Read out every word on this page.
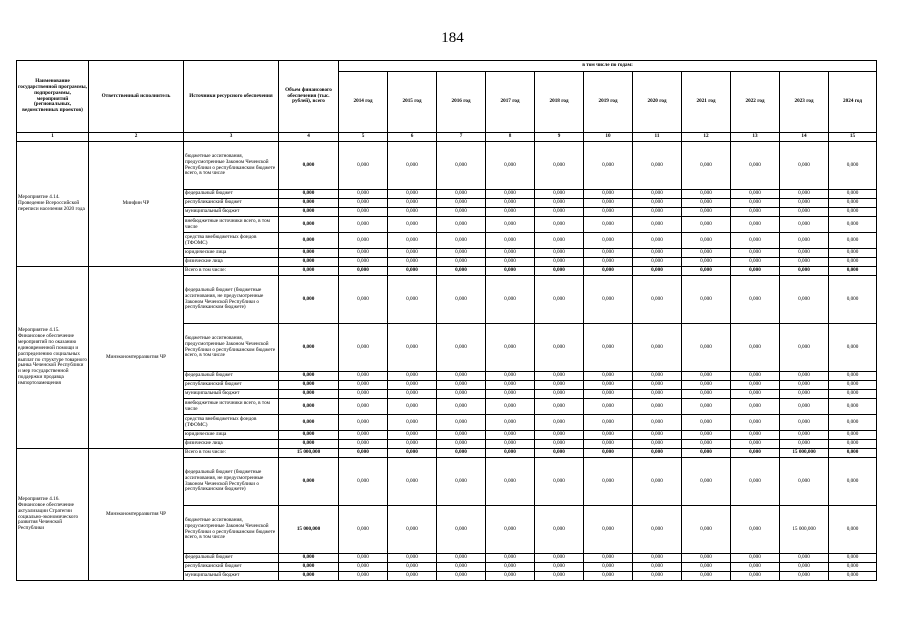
184
Наименование государственной программы, подпрограммы, мероприятий (региональных, ведомственных проектов)	Ответственный исполнитель	Источники ресурсного обеспечения	Объем финансового обеспечения (тыс. рублей), всего	в том числе по годам:										
				2014 год	2015 год	2016 год	2017 год	2018 год	2019 год	2020 год	2021 год	2022 год	2023 год	2024 год
1	2	3	4	5	6	7	8	9	10	11	12	13	14	15
Мероприятие 4.14. Проведение Всероссийской переписи населения 2020 года	Минфин ЧР	бюджетные ассигнования, предусмотренные Законом Чеченской Республики о республиканском бюджете всего, в том числе	0,000	0,000	0,000	0,000	0,000	0,000	0,000	0,000	0,000	0,000	0,000	0,000
		федеральный бюджет	0,000	0,000	0,000	0,000	0,000	0,000	0,000	0,000	0,000	0,000	0,000	0,000
		республиканский бюджет	0,000	0,000	0,000	0,000	0,000	0,000	0,000	0,000	0,000	0,000	0,000	0,000
		муниципальный бюджет	0,000	0,000	0,000	0,000	0,000	0,000	0,000	0,000	0,000	0,000	0,000	0,000
		внебюджетные источники всего, в том числе	0,000	0,000	0,000	0,000	0,000	0,000	0,000	0,000	0,000	0,000	0,000	0,000
		средства внебюджетных фондов (ТФОМС)	0,000	0,000	0,000	0,000	0,000	0,000	0,000	0,000	0,000	0,000	0,000	0,000
		юридические лица	0,000	0,000	0,000	0,000	0,000	0,000	0,000	0,000	0,000	0,000	0,000	0,000
		физические лица	0,000	0,000	0,000	0,000	0,000	0,000	0,000	0,000	0,000	0,000	0,000	0,000
Мероприятие 4.15. Финансовое обеспечение мероприятий по оказанию единовременной помощи и распределению социальных выплат по структуре товарного рынка Чеченской Республики и мер государственной поддержки продавца импортозамещения	Минэкономтерразвития ЧР	Всего в том числе:	0,000	0,000	0,000	0,000	0,000	0,000	0,000	0,000	0,000	0,000	0,000	0,000
		федеральный бюджет (бюджетные ассигнования, не предусмотренные Законом Чеченской Республики о республиканском бюджете)	0,000	0,000	0,000	0,000	0,000	0,000	0,000	0,000	0,000	0,000	0,000	0,000
		бюджетные ассигнования, предусмотренные Законом Чеченской Республики о республиканском бюджете всего, в том числе	0,000	0,000	0,000	0,000	0,000	0,000	0,000	0,000	0,000	0,000	0,000	0,000
		федеральный бюджет	0,000	0,000	0,000	0,000	0,000	0,000	0,000	0,000	0,000	0,000	0,000	0,000
		республиканский бюджет	0,000	0,000	0,000	0,000	0,000	0,000	0,000	0,000	0,000	0,000	0,000	0,000
		муниципальный бюджет	0,000	0,000	0,000	0,000	0,000	0,000	0,000	0,000	0,000	0,000	0,000	0,000
		внебюджетные источники всего, в том числе	0,000	0,000	0,000	0,000	0,000	0,000	0,000	0,000	0,000	0,000	0,000	0,000
		средства внебюджетных фондов (ТФОМС)	0,000	0,000	0,000	0,000	0,000	0,000	0,000	0,000	0,000	0,000	0,000	0,000
		юридические лица	0,000	0,000	0,000	0,000	0,000	0,000	0,000	0,000	0,000	0,000	0,000	0,000
		физические лица	0,000	0,000	0,000	0,000	0,000	0,000	0,000	0,000	0,000	0,000	0,000	0,000
Мероприятие 4.16. Финансовое обеспечение актуализации Стратегии социально-экономического развития Чеченской Республики	Минэкономтерразвития ЧР	Всего в том числе:	15 000,000	0,000	0,000	0,000	0,000	0,000	0,000	0,000	0,000	0,000	15 000,000	0,000
		федеральный бюджет (бюджетные ассигнования, не предусмотренные Законом Чеченской Республики о республиканском бюджете)	0,000	0,000	0,000	0,000	0,000	0,000	0,000	0,000	0,000	0,000	0,000	0,000
		бюджетные ассигнования, предусмотренные Законом Чеченской Республики о республиканском бюджете всего, в том числе	15 000,000	0,000	0,000	0,000	0,000	0,000	0,000	0,000	0,000	0,000	15 000,000	0,000
		федеральный бюджет	0,000	0,000	0,000	0,000	0,000	0,000	0,000	0,000	0,000	0,000	0,000	0,000
		республиканский бюджет	0,000	0,000	0,000	0,000	0,000	0,000	0,000	0,000	0,000	0,000	0,000	0,000
		муниципальный бюджет	0,000	0,000	0,000	0,000	0,000	0,000	0,000	0,000	0,000	0,000	0,000	0,000
